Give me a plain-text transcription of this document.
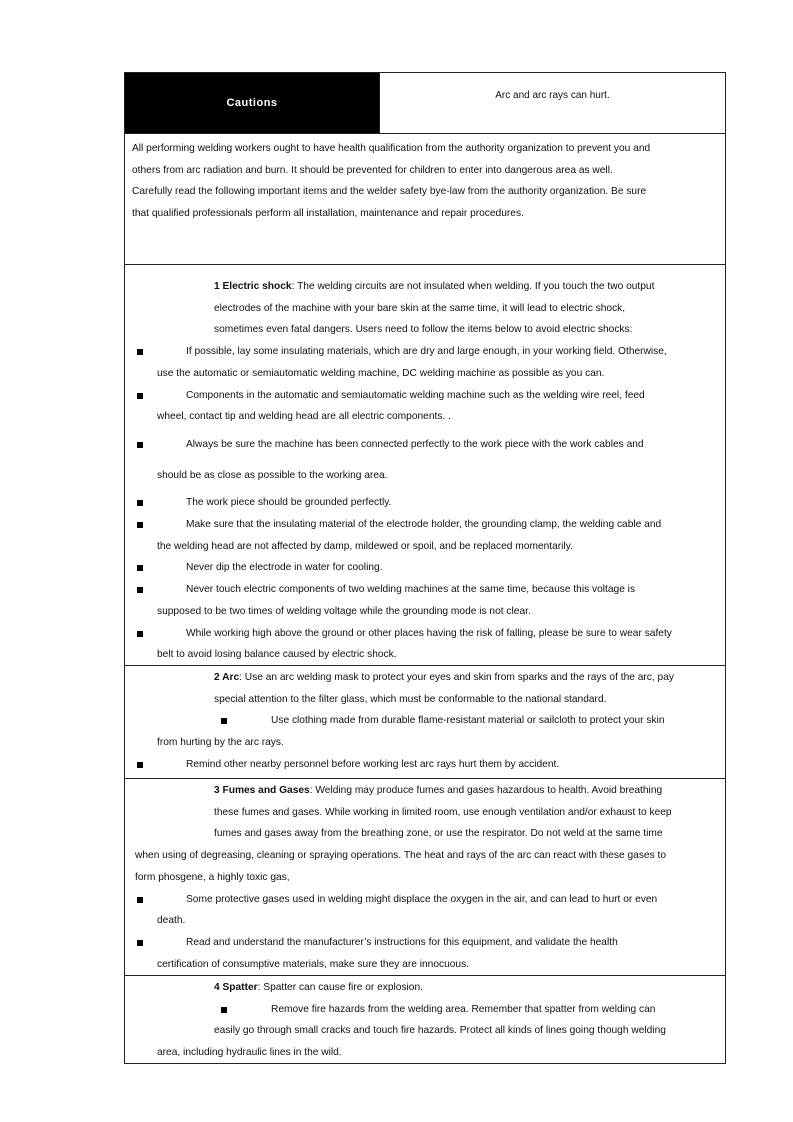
Cautions
Arc and arc rays can hurt.
All performing welding workers ought to have health qualification from the authority organization to prevent you and
others from arc radiation and burn. It should be prevented for children to enter into dangerous area as well.
Carefully read the following important items and the welder safety bye-law from the authority organization. Be sure
that qualified professionals perform all installation, maintenance and repair procedures.
1 Electric shock: The welding circuits are not insulated when welding. If you touch the two output
electrodes of the machine with your bare skin at the same time, it will lead to electric shock,
sometimes even fatal dangers. Users need to follow the items below to avoid electric shocks:
If possible, lay some insulating materials, which are dry and large enough, in your working field. Otherwise,
use the automatic or semiautomatic welding machine, DC welding machine as possible as you can.
Components in the automatic and semiautomatic welding machine such as the welding wire reel, feed
wheel, contact tip and welding head are all electric components. .
Always be sure the machine has been connected perfectly to the work piece with the work cables and
should be as close as possible to the working area.
The work piece should be grounded perfectly.
Make sure that the insulating material of the electrode holder, the grounding clamp, the welding cable and
the welding head are not affected by damp, mildewed or spoil, and be replaced momentarily.
Never dip the electrode in water for cooling.
Never touch electric components of two welding machines at the same time, because this voltage is
supposed to be two times of welding voltage while the grounding mode is not clear.
While working high above the ground or other places having the risk of falling, please be sure to wear safety
belt to avoid losing balance caused by electric shock.
2 Arc: Use an arc welding mask to protect your eyes and skin from sparks and the rays of the arc, pay
special attention to the filter glass, which must be conformable to the national standard.
Use clothing made from durable flame-resistant material or sailcloth to protect your skin
from hurting by the arc rays.
Remind other nearby personnel before working lest arc rays hurt them by accident.
3 Fumes and Gases: Welding may produce fumes and gases hazardous to health. Avoid breathing
these fumes and gases. While working in limited room, use enough ventilation and/or exhaust to keep
fumes and gases away from the breathing zone, or use the respirator. Do not weld at the same time
when using of degreasing, cleaning or spraying operations. The heat and rays of the arc can react with these gases to
form phosgene, a highly toxic gas,
Some protective gases used in welding might displace the oxygen in the air, and can lead to hurt or even
death.
Read and understand the manufacturer’s instructions for this equipment, and validate the health
certification of consumptive materials, make sure they are innocuous.
4 Spatter: Spatter can cause fire or explosion.
Remove fire hazards from the welding area. Remember that spatter from welding can
easily go through small cracks and touch fire hazards. Protect all kinds of lines going though welding
area, including hydraulic lines in the wild.
